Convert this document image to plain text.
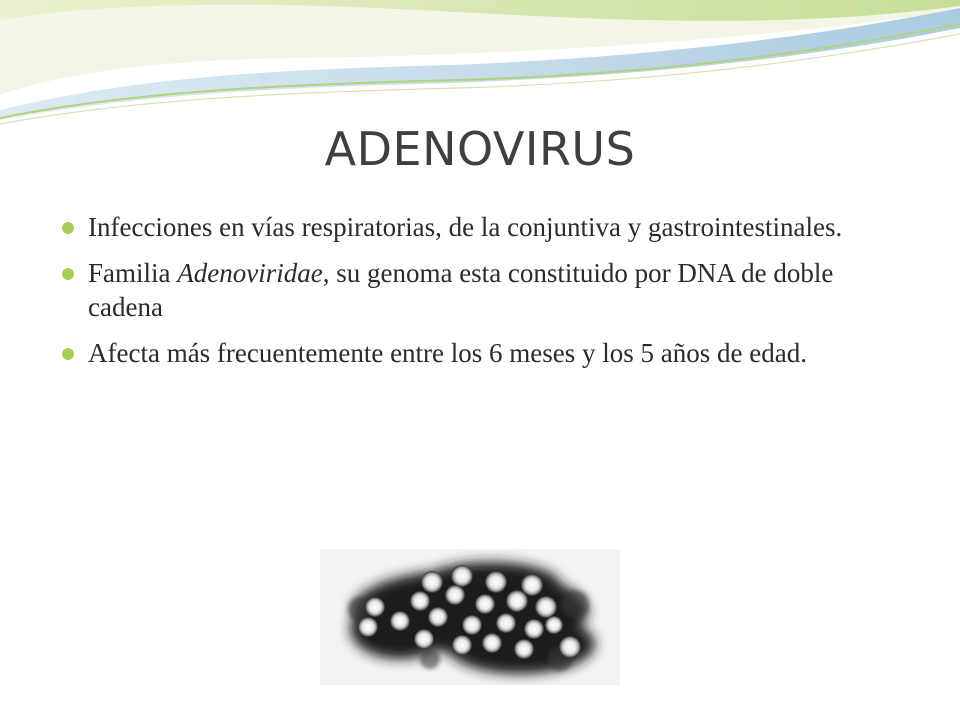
ADENOVIRUS
Infecciones en vías respiratorias, de la conjuntiva y gastrointestinales.
Familia Adenoviridae, su genoma esta constituido por DNA de doble cadena
Afecta más frecuentemente entre los 6 meses y los 5 años de edad.
